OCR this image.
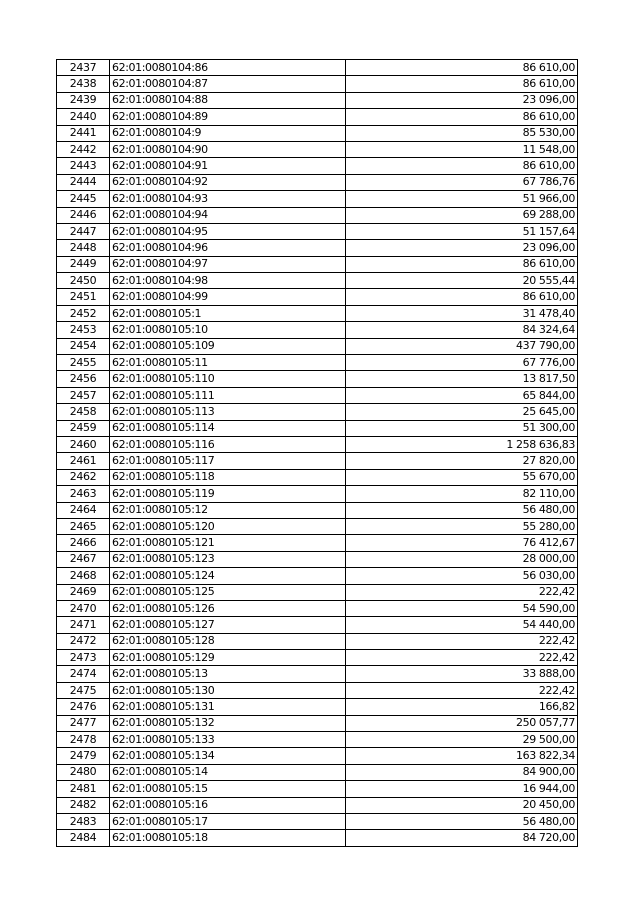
2437	62:01:0080104:86	86 610,00
2438	62:01:0080104:87	86 610,00
2439	62:01:0080104:88	23 096,00
2440	62:01:0080104:89	86 610,00
2441	62:01:0080104:9	85 530,00
2442	62:01:0080104:90	11 548,00
2443	62:01:0080104:91	86 610,00
2444	62:01:0080104:92	67 786,76
2445	62:01:0080104:93	51 966,00
2446	62:01:0080104:94	69 288,00
2447	62:01:0080104:95	51 157,64
2448	62:01:0080104:96	23 096,00
2449	62:01:0080104:97	86 610,00
2450	62:01:0080104:98	20 555,44
2451	62:01:0080104:99	86 610,00
2452	62:01:0080105:1	31 478,40
2453	62:01:0080105:10	84 324,64
2454	62:01:0080105:109	437 790,00
2455	62:01:0080105:11	67 776,00
2456	62:01:0080105:110	13 817,50
2457	62:01:0080105:111	65 844,00
2458	62:01:0080105:113	25 645,00
2459	62:01:0080105:114	51 300,00
2460	62:01:0080105:116	1 258 636,83
2461	62:01:0080105:117	27 820,00
2462	62:01:0080105:118	55 670,00
2463	62:01:0080105:119	82 110,00
2464	62:01:0080105:12	56 480,00
2465	62:01:0080105:120	55 280,00
2466	62:01:0080105:121	76 412,67
2467	62:01:0080105:123	28 000,00
2468	62:01:0080105:124	56 030,00
2469	62:01:0080105:125	222,42
2470	62:01:0080105:126	54 590,00
2471	62:01:0080105:127	54 440,00
2472	62:01:0080105:128	222,42
2473	62:01:0080105:129	222,42
2474	62:01:0080105:13	33 888,00
2475	62:01:0080105:130	222,42
2476	62:01:0080105:131	166,82
2477	62:01:0080105:132	250 057,77
2478	62:01:0080105:133	29 500,00
2479	62:01:0080105:134	163 822,34
2480	62:01:0080105:14	84 900,00
2481	62:01:0080105:15	16 944,00
2482	62:01:0080105:16	20 450,00
2483	62:01:0080105:17	56 480,00
2484	62:01:0080105:18	84 720,00
